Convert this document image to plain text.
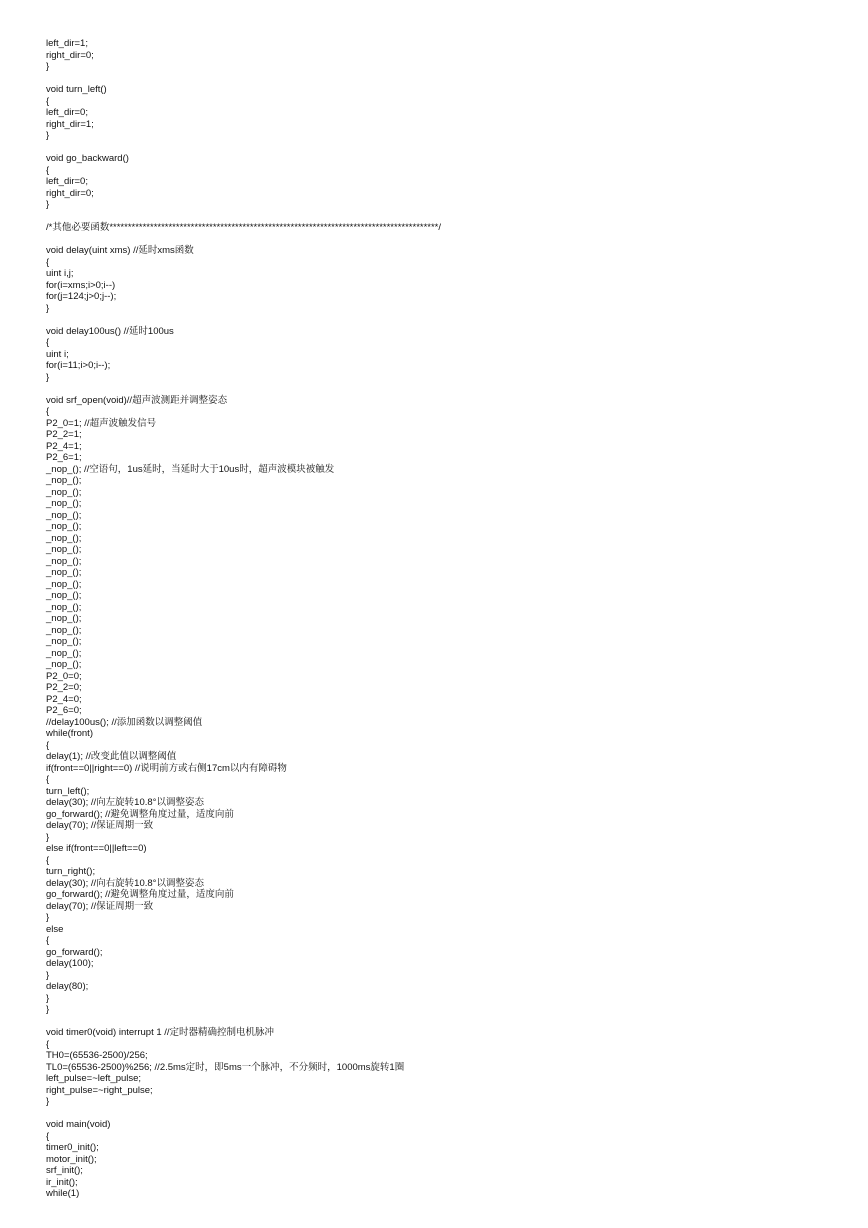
left_dir=1;
right_dir=0;
}
void turn_left()
{
left_dir=0;
right_dir=1;
}
void go_backward()
{
left_dir=0;
right_dir=0;
}
/*其他必要函数*****************************************************************************************/
void delay(uint xms) //延时xms函数
{
uint i,j;
for(i=xms;i>0;i--)
for(j=124;j>0;j--);
}
void delay100us() //延时100us
{
uint i;
for(i=11;i>0;i--);
}
void srf_open(void)//超声波测距并调整姿态
{
P2_0=1; //超声波触发信号
P2_2=1;
P2_4=1;
P2_6=1;
_nop_(); //空语句，1us延时，当延时大于10us时，超声波模块被触发
_nop_();
_nop_();
_nop_();
_nop_();
_nop_();
_nop_();
_nop_();
_nop_();
_nop_();
_nop_();
_nop_();
_nop_();
_nop_();
_nop_();
_nop_();
_nop_();
_nop_();
P2_0=0;
P2_2=0;
P2_4=0;
P2_6=0;
//delay100us(); //添加函数以调整阈值
while(front)
{
delay(1); //改变此值以调整阈值
if(front==0||right==0) //说明前方或右侧17cm以内有障碍物
{
turn_left();
delay(30); //向左旋转10.8°以调整姿态
go_forward(); //避免调整角度过量，适度向前
delay(70); //保证周期一致
}
else if(front==0||left==0)
{
turn_right();
delay(30); //向右旋转10.8°以调整姿态
go_forward(); //避免调整角度过量，适度向前
delay(70); //保证周期一致
}
else
{
go_forward();
delay(100);
}
delay(80);
}
}
void timer0(void) interrupt 1 //定时器精确控制电机脉冲
{
TH0=(65536-2500)/256;
TL0=(65536-2500)%256; //2.5ms定时，即5ms一个脉冲，不分频时，1000ms旋转1圈
left_pulse=~left_pulse;
right_pulse=~right_pulse;
}
void main(void)
{
timer0_init();
motor_init();
srf_init();
ir_init();
while(1)
